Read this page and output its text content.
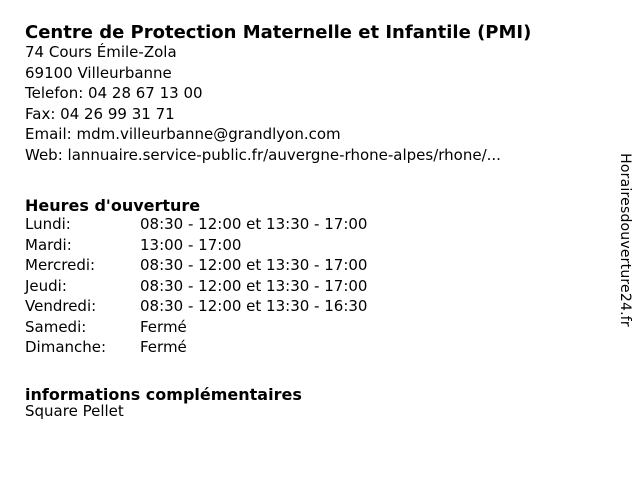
Centre de Protection Maternelle et Infantile (PMI)
74 Cours Émile-Zola
69100 Villeurbanne
Telefon: 04 28 67 13 00
Fax: 04 26 99 31 71
Email: mdm.villeurbanne@grandlyon.com
Web: lannuaire.service-public.fr/auvergne-rhone-alpes/rhone/...
Heures d'ouverture
Lundi:	08:30 - 12:00 et 13:30 - 17:00
Mardi:	13:00 - 17:00
Mercredi:	08:30 - 12:00 et 13:30 - 17:00
Jeudi:	08:30 - 12:00 et 13:30 - 17:00
Vendredi:	08:30 - 12:00 et 13:30 - 16:30
Samedi:	Fermé
Dimanche:	Fermé
informations complémentaires
Square Pellet
Horairesdouverture24.fr
